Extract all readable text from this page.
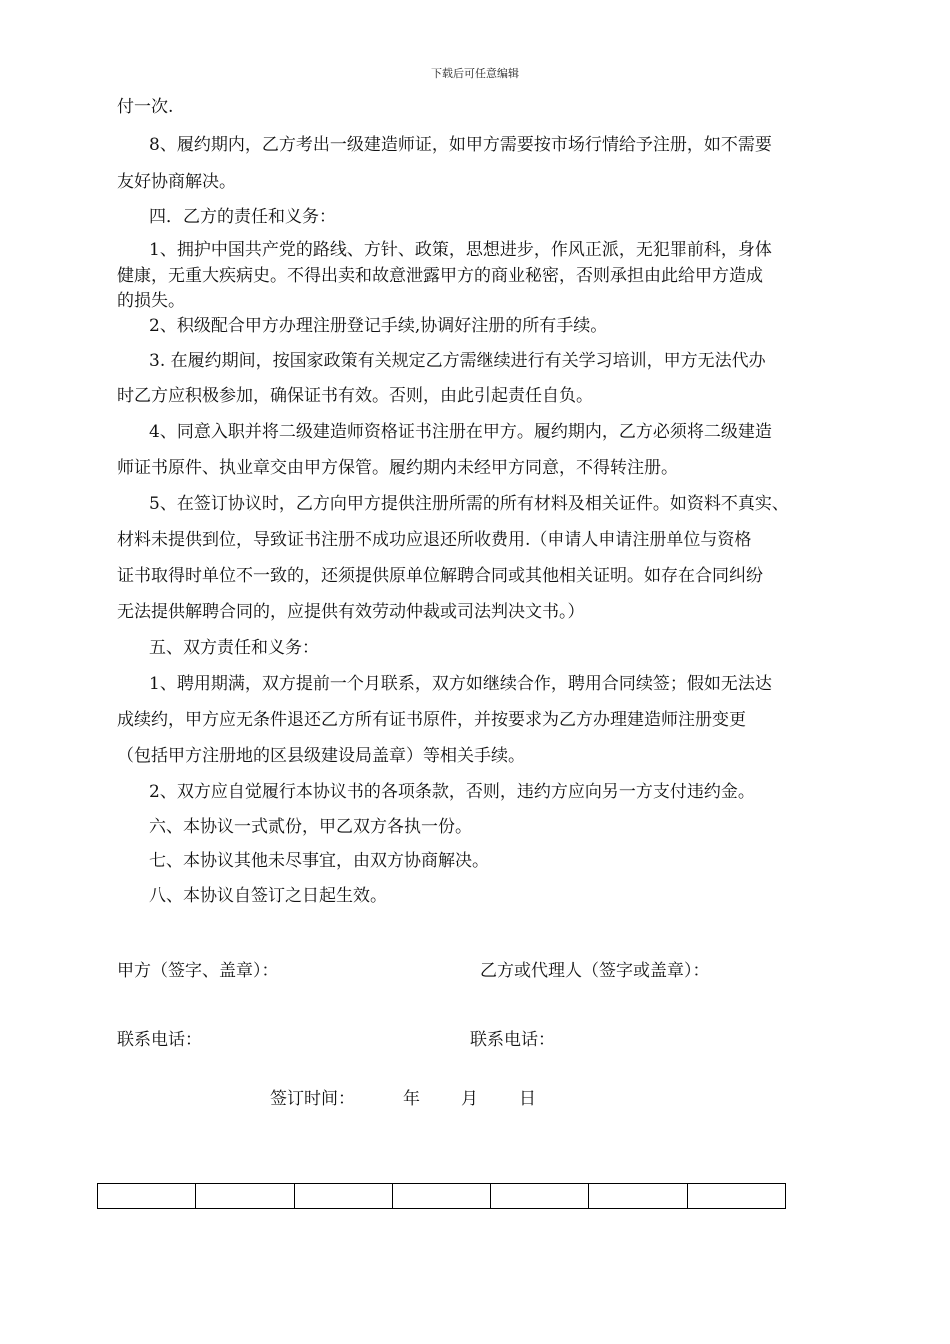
下载后可任意编辑
付一次.
8、履约期内，乙方考出一级建造师证，如甲方需要按市场行情给予注册，如不需要
友好协商解决。
四．乙方的责任和义务：
1、拥护中国共产党的路线、方针、政策，思想进步，作风正派，无犯罪前科，身体
健康，无重大疾病史。不得出卖和故意泄露甲方的商业秘密，否则承担由此给甲方造成
的损失。
2、积级配合甲方办理注册登记手续,协调好注册的所有手续。
3. 在履约期间，按国家政策有关规定乙方需继续进行有关学习培训，甲方无法代办
时乙方应积极参加，确保证书有效。否则，由此引起责任自负。
4、同意入职并将二级建造师资格证书注册在甲方。履约期内，乙方必须将二级建造
师证书原件、执业章交由甲方保管。履约期内未经甲方同意，不得转注册。
5、在签订协议时，乙方向甲方提供注册所需的所有材料及相关证件。如资料不真实、
材料未提供到位，导致证书注册不成功应退还所收费用.（申请人申请注册单位与资格
证书取得时单位不一致的，还须提供原单位解聘合同或其他相关证明。如存在合同纠纷
无法提供解聘合同的，应提供有效劳动仲裁或司法判决文书。）
五、双方责任和义务：
1、聘用期满，双方提前一个月联系，双方如继续合作，聘用合同续签；假如无法达
成续约，甲方应无条件退还乙方所有证书原件，并按要求为乙方办理建造师注册变更
（包括甲方注册地的区县级建设局盖章）等相关手续。
2、双方应自觉履行本协议书的各项条款，否则，违约方应向另一方支付违约金。
六、本协议一式贰份，甲乙双方各执一份。
七、本协议其他未尽事宜，由双方协商解决。
八、本协议自签订之日起生效。
甲方（签字、盖章）：	乙方或代理人（签字或盖章）：
联系电话：	联系电话：
签订时间：	年 月 日
